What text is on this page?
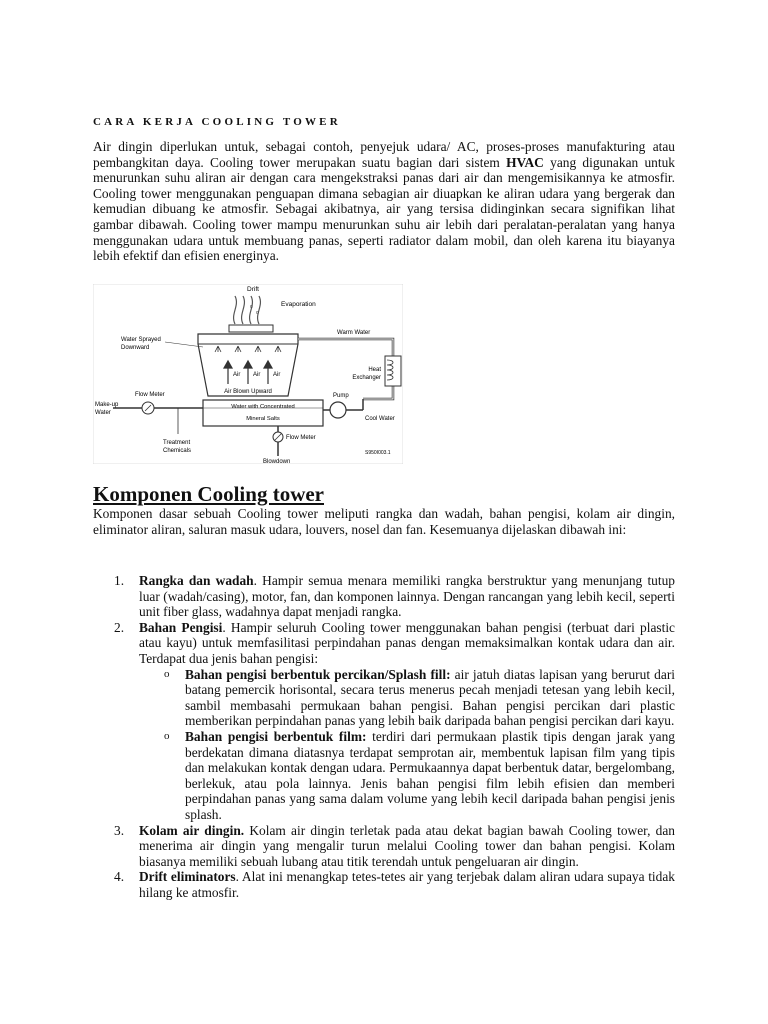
CARA KERJA COOLING TOWER

Air dingin diperlukan untuk, sebagai contoh, penyejuk udara/ AC, proses-proses manufakturing atau pembangkitan daya. Cooling tower merupakan suatu bagian dari sistem HVAC yang digunakan untuk menurunkan suhu aliran air dengan cara mengekstraksi panas dari air dan mengemisikannya ke atmosfir. Cooling tower menggunakan penguapan dimana sebagian air diuapkan ke aliran udara yang bergerak dan kemudian dibuang ke atmosfir. Sebagai akibatnya, air yang tersisa didinginkan secara signifikan lihat gambar dibawah. Cooling tower mampu menurunkan suhu air lebih dari peralatan-peralatan yang hanya menggunakan udara untuk membuang panas, seperti radiator dalam mobil, dan oleh karena itu biayanya lebih efektif dan efisien energinya.

o
o
Drift
Evaporation
Air Air Air
Air Blown Upward
Water Sprayed
Downward
Warm Water
Heat
Exchanger
Water with Concentrated
Mineral Salts
Flow Meter
Make-up
Water
Treatment
Chemicals
Pump
Cool Water
Flow Meter
Blowdown
S950I003.1
Komponen Cooling tower

Komponen dasar sebuah Cooling tower meliputi rangka dan wadah, bahan pengisi, kolam air dingin, eliminator aliran, saluran masuk udara, louvers, nosel dan fan. Kesemuanya dijelaskan dibawah ini:

1. Rangka dan wadah. Hampir semua menara memiliki rangka berstruktur yang menunjang tutup luar (wadah/casing), motor, fan, dan komponen lainnya. Dengan rancangan yang lebih kecil, seperti unit fiber glass, wadahnya dapat menjadi rangka.
2. Bahan Pengisi. Hampir seluruh Cooling tower menggunakan bahan pengisi (terbuat dari plastic atau kayu) untuk memfasilitasi perpindahan panas dengan memaksimalkan kontak udara dan air. Terdapat dua jenis bahan pengisi:
o Bahan pengisi berbentuk percikan/Splash fill: air jatuh diatas lapisan yang berurut dari batang pemercik horisontal, secara terus menerus pecah menjadi tetesan yang lebih kecil, sambil membasahi permukaan bahan pengisi. Bahan pengisi percikan dari plastic memberikan perpindahan panas yang lebih baik daripada bahan pengisi percikan dari kayu.
o Bahan pengisi berbentuk film: terdiri dari permukaan plastik tipis dengan jarak yang berdekatan dimana diatasnya terdapat semprotan air, membentuk lapisan film yang tipis dan melakukan kontak dengan udara. Permukaannya dapat berbentuk datar, bergelombang, berlekuk, atau pola lainnya. Jenis bahan pengisi film lebih efisien dan memberi perpindahan panas yang sama dalam volume yang lebih kecil daripada bahan pengisi jenis splash.
3. Kolam air dingin. Kolam air dingin terletak pada atau dekat bagian bawah Cooling tower, dan menerima air dingin yang mengalir turun melalui Cooling tower dan bahan pengisi. Kolam biasanya memiliki sebuah lubang atau titik terendah untuk pengeluaran air dingin.
4. Drift eliminators. Alat ini menangkap tetes-tetes air yang terjebak dalam aliran udara supaya tidak hilang ke atmosfir.
